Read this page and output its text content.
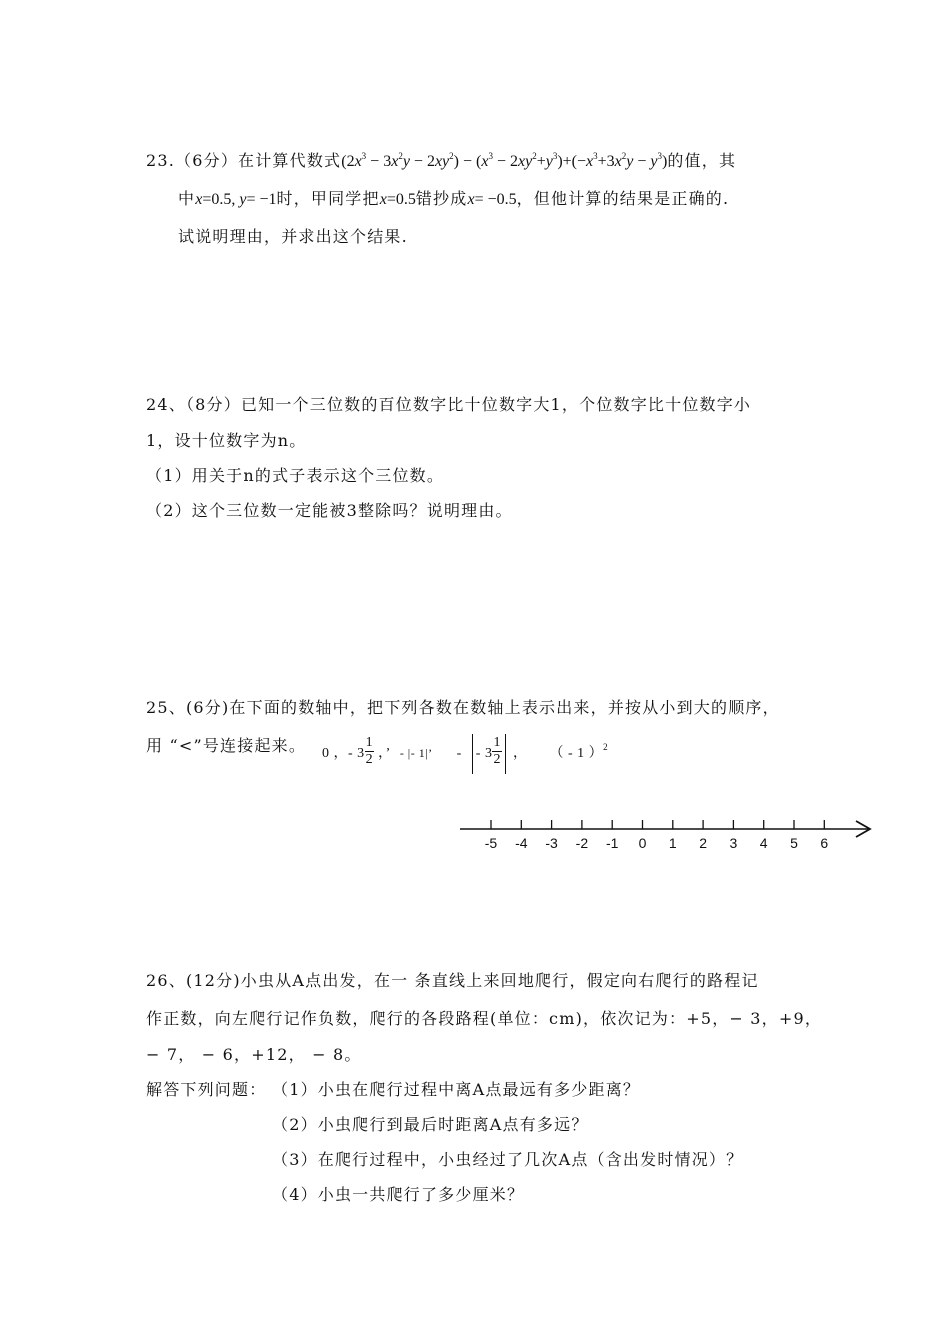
23.（6分）在计算代数式$(2x^3 - 3x^2y - 2xy^2) - (x^3 - 2xy^2+y^3)+(-x^3+3x^2y - y^3)$的值，其
中x=0.5, y= −1时，甲同学把x=0.5错抄成x= −0.5，但他计算的结果是正确的.
试说明理由，并求出这个结果.
24、（8分）已知一个三位数的百位数字比十位数字大1，个位数字比十位数字小
1，设十位数字为n。
（1）用关于n的式子表示这个三位数。
（2）这个三位数一定能被3整除吗？说明理由。
25、(6分)在下面的数轴中，把下列各数在数轴上表示出来，并按从小到大的顺序，
用 “<”号连接起来。 0 ，- $3 \frac{1}{2}$ ，’ - |- 1|’ - - $3 \frac{1}{2}$ ， （ - 1 ）$^2$
-5 -4 -3 -2 -1 0 1 2 3 4 5 6
26、(12分)小虫从A点出发，在一 条直线上来回地爬行，假定向右爬行的路程记
作正数，向左爬行记作负数，爬行的各段路程(单位：cm)，依次记为：+5，− 3，+9，
− 7， − 6，+12， − 8。
解答下列问题： （1）小虫在爬行过程中离A点最远有多少距离？
（2）小虫爬行到最后时距离A点有多远？
（3）在爬行过程中，小虫经过了几次A点（含出发时情况）？
（4）小虫一共爬行了多少厘米？
